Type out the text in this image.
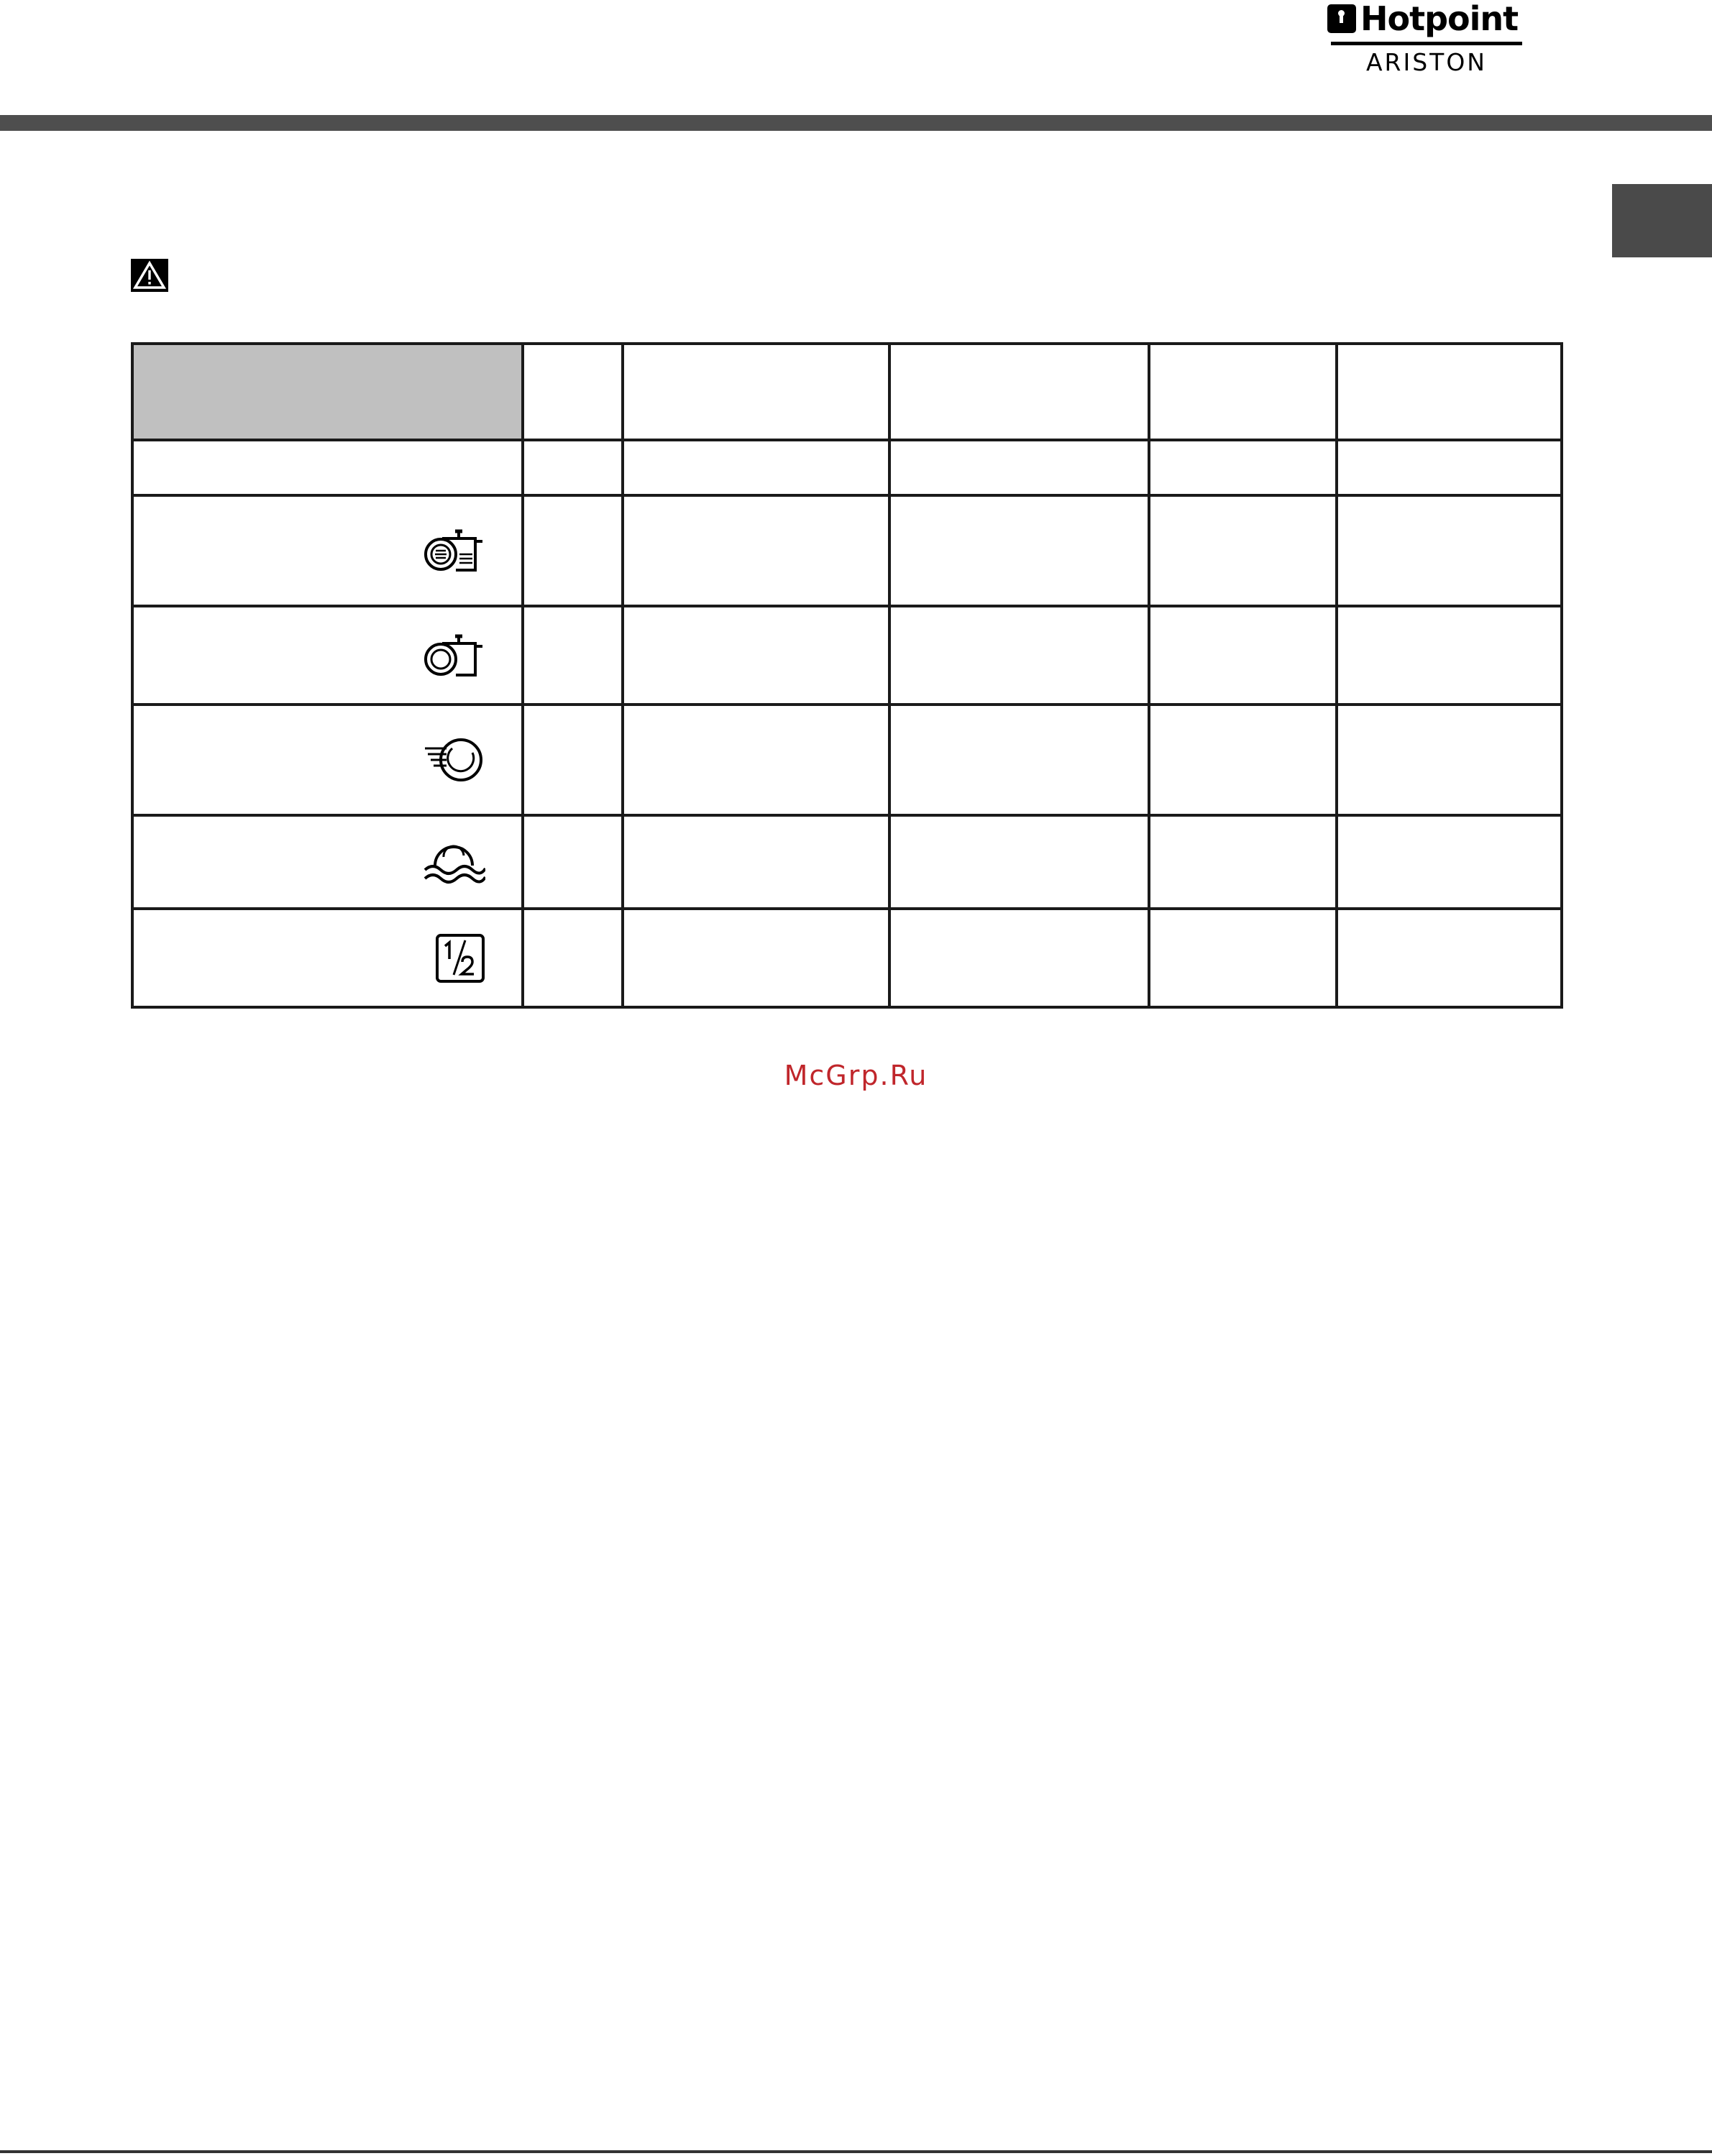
Hotpoint
ARISTON

McGrp.Ru
